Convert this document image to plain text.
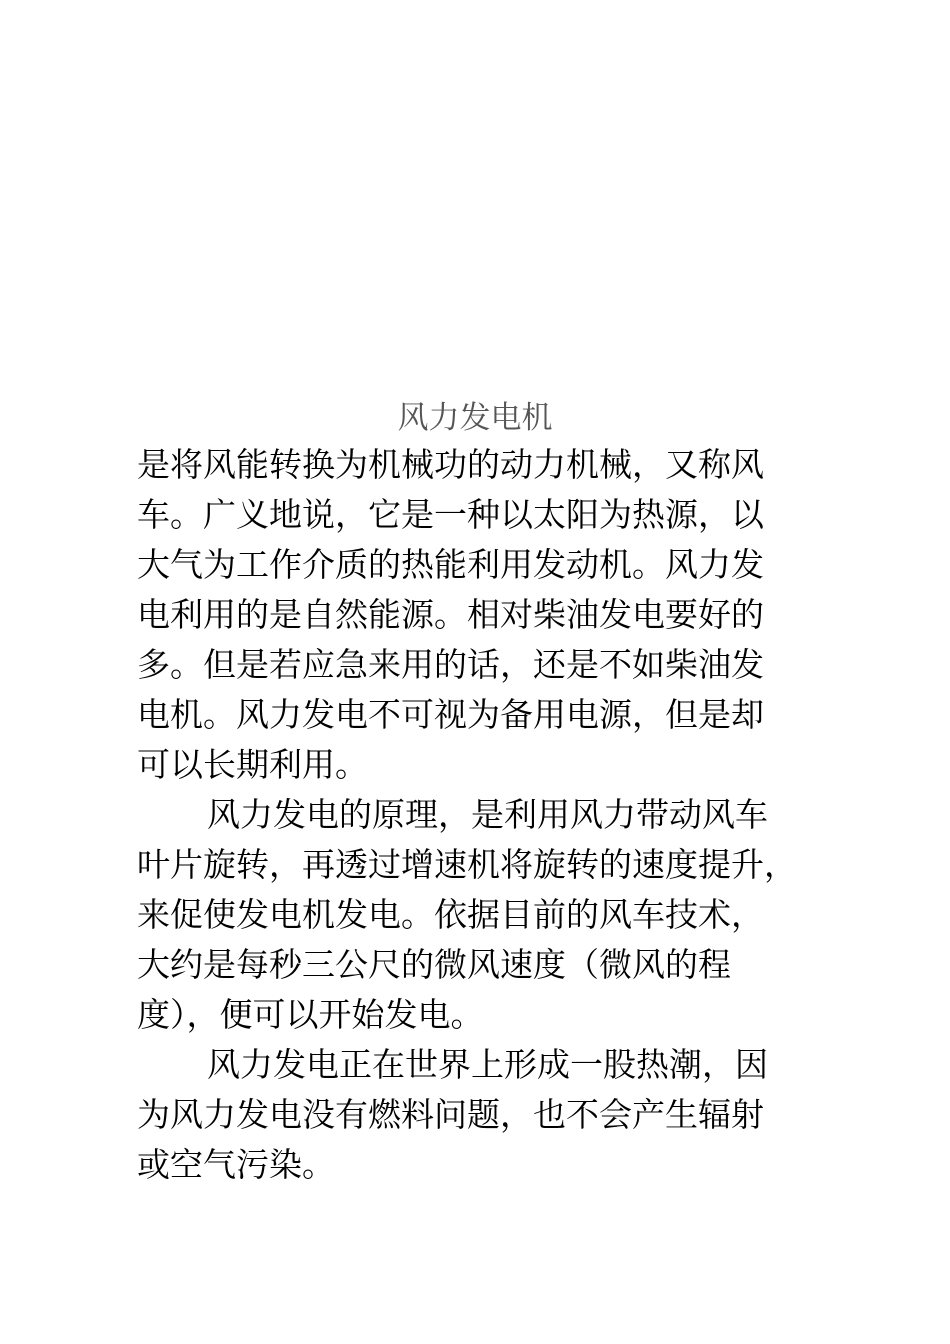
风力发电机
是将风能转换为机械功的动力机械，又称风
车。广义地说，它是一种以太阳为热源，以
大气为工作介质的热能利用发动机。风力发
电利用的是自然能源。相对柴油发电要好的
多。但是若应急来用的话，还是不如柴油发
电机。风力发电不可视为备用电源，但是却
可以长期利用。
风力发电的原理，是利用风力带动风车
叶片旋转，再透过增速机将旋转的速度提升，
来促使发电机发电。依据目前的风车技术，
大约是每秒三公尺的微风速度（微风的程
度），便可以开始发电。
风力发电正在世界上形成一股热潮，因
为风力发电没有燃料问题，也不会产生辐射
或空气污染。
